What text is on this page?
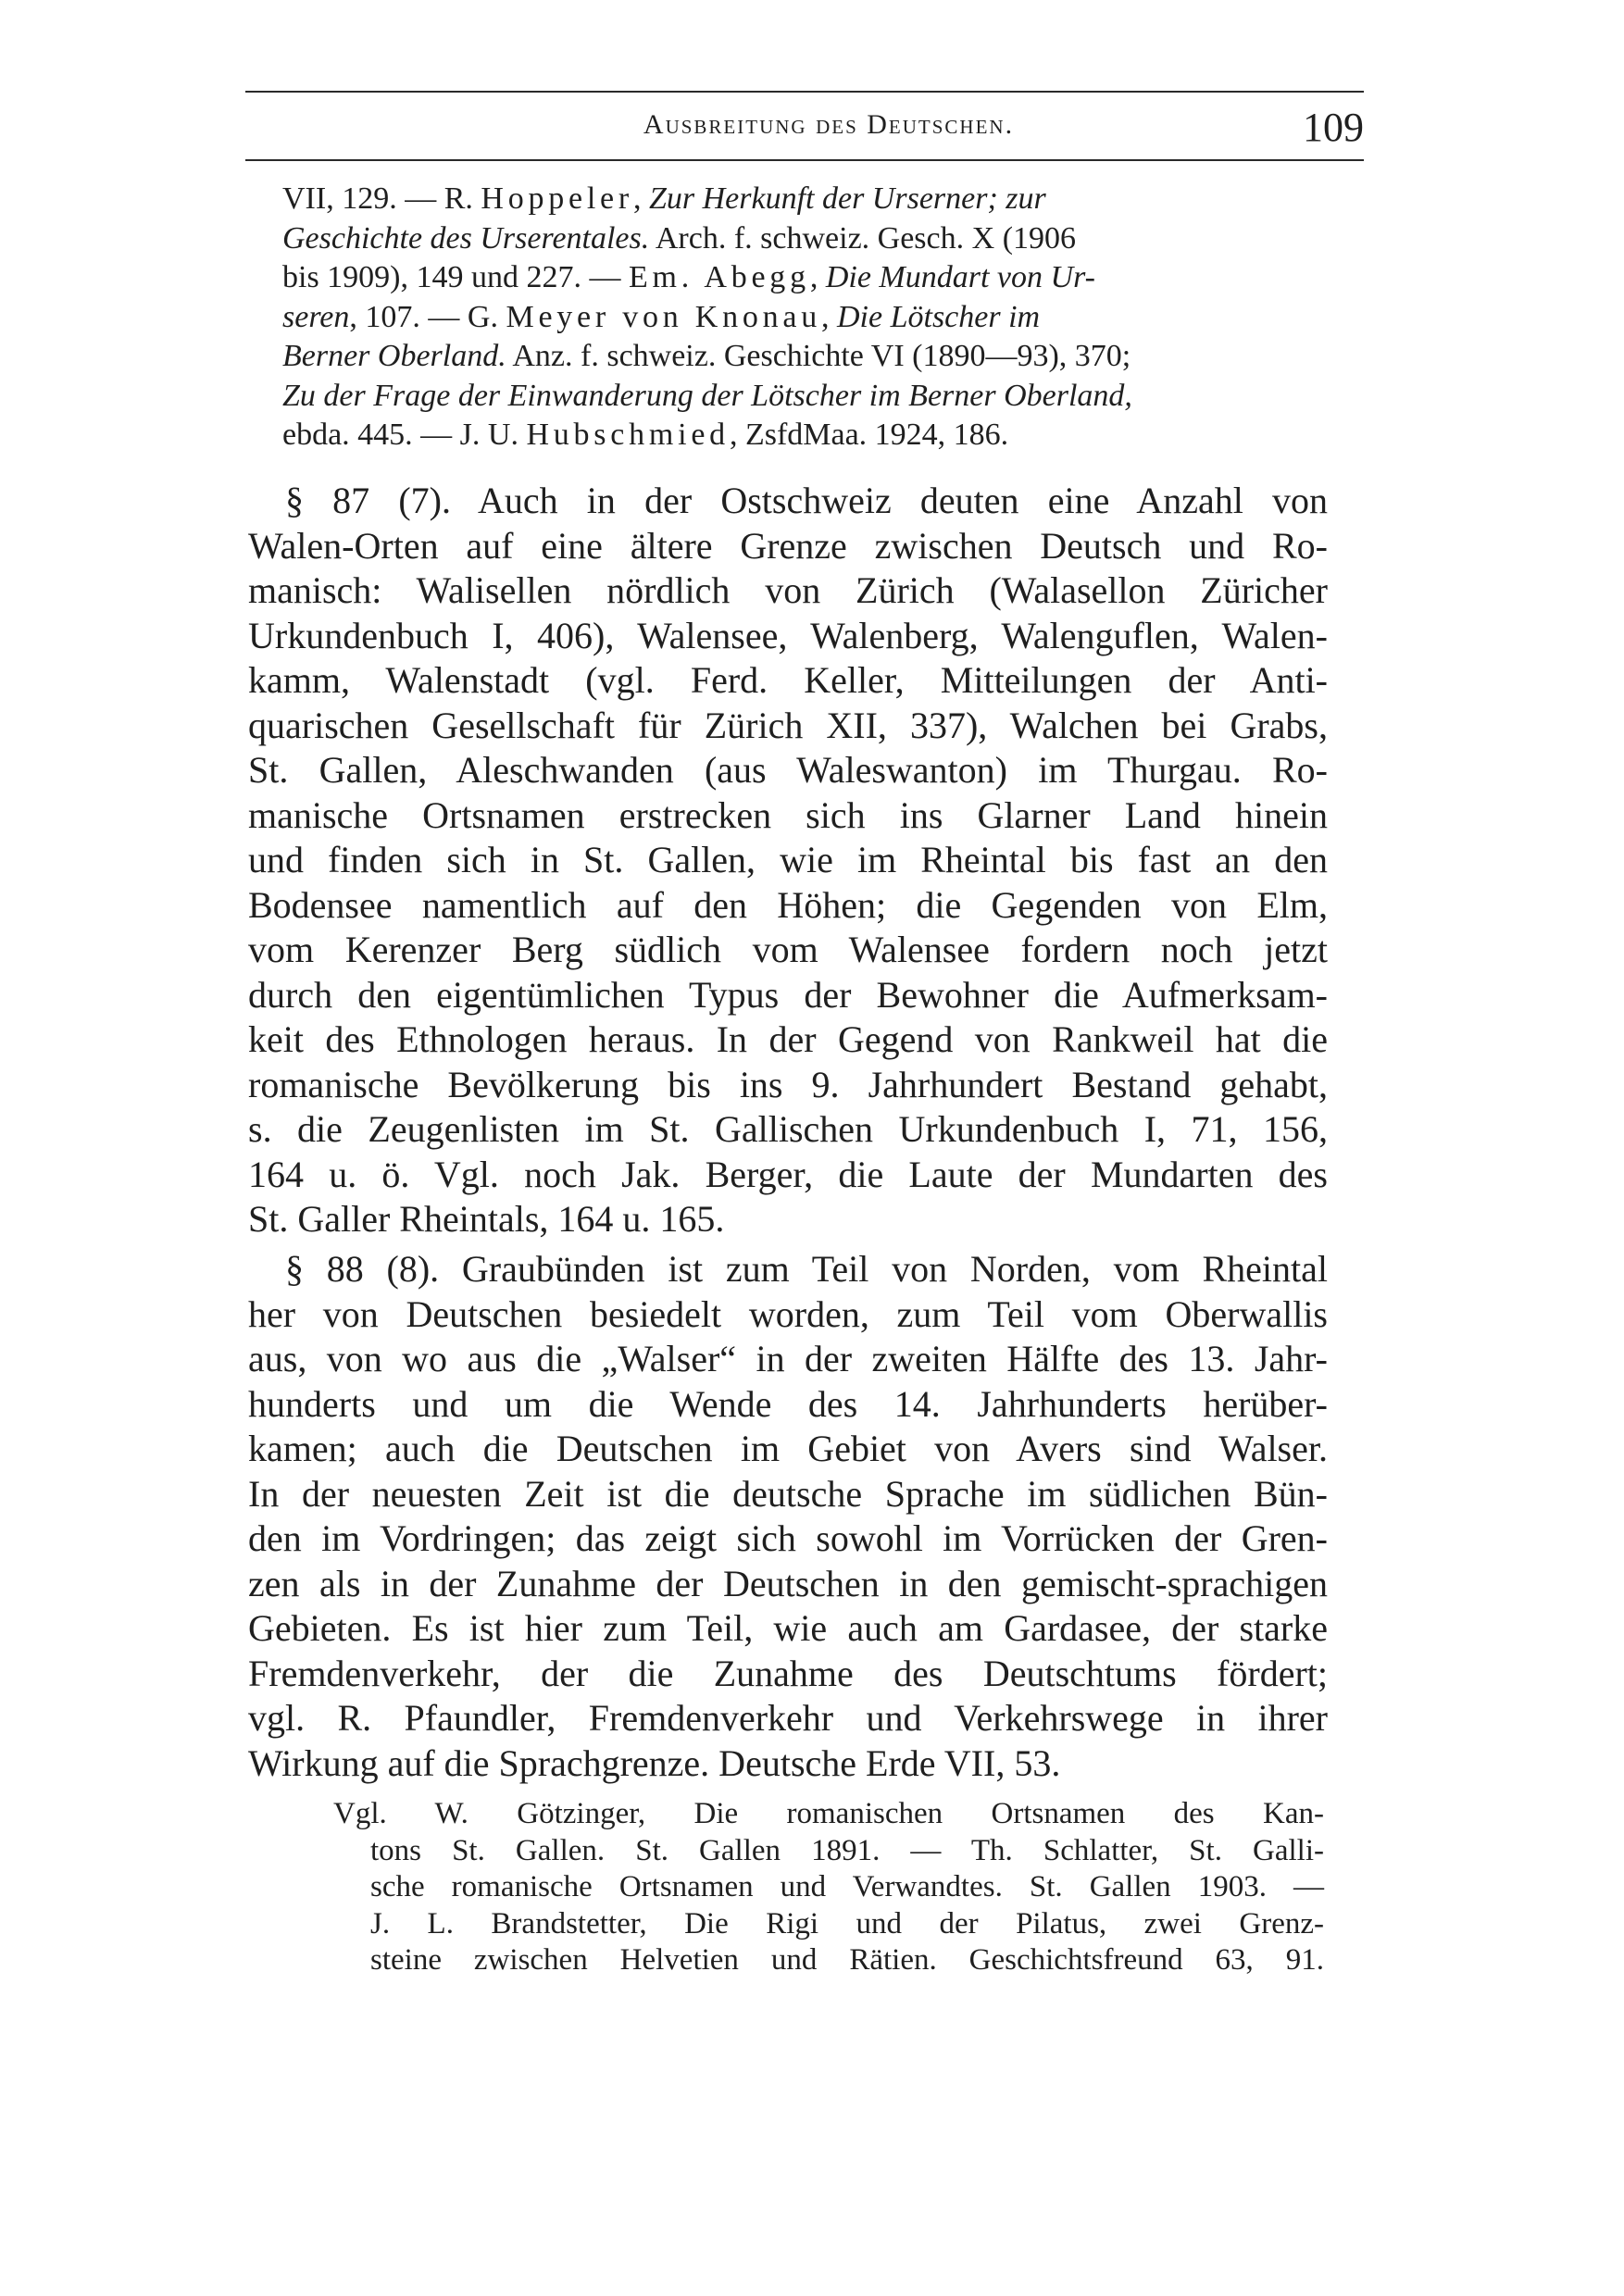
Ausbreitung des Deutschen.	109
VII, 129. — R. Hoppeler, Zur Herkunft der Urserner; zur
Geschichte des Urserentales. Arch. f. schweiz. Gesch. X (1906
bis 1909), 149 und 227. — Em. Abegg, Die Mundart von Ur-
seren, 107. — G. Meyer von Knonau, Die Lötscher im
Berner Oberland. Anz. f. schweiz. Geschichte VI (1890—93), 370;
Zu der Frage der Einwanderung der Lötscher im Berner Oberland,
ebda. 445. — J. U. Hubschmied, ZsfdMaa. 1924, 186.
§ 87 (7). Auch in der Ostschweiz deuten eine Anzahl von
Walen-Orten auf eine ältere Grenze zwischen Deutsch und Ro-
manisch: Walisellen nördlich von Zürich (Walasellon Züricher
Urkundenbuch I, 406), Walensee, Walenberg, Walenguflen, Walen-
kamm, Walenstadt (vgl. Ferd. Keller, Mitteilungen der Anti-
quarischen Gesellschaft für Zürich XII, 337), Walchen bei Grabs,
St. Gallen, Aleschwanden (aus Waleswanton) im Thurgau. Ro-
manische Ortsnamen erstrecken sich ins Glarner Land hinein
und finden sich in St. Gallen, wie im Rheintal bis fast an den
Bodensee namentlich auf den Höhen; die Gegenden von Elm,
vom Kerenzer Berg südlich vom Walensee fordern noch jetzt
durch den eigentümlichen Typus der Bewohner die Aufmerksam-
keit des Ethnologen heraus. In der Gegend von Rankweil hat die
romanische Bevölkerung bis ins 9. Jahrhundert Bestand gehabt,
s. die Zeugenlisten im St. Gallischen Urkundenbuch I, 71, 156,
164 u. ö. Vgl. noch Jak. Berger, die Laute der Mundarten des
St. Galler Rheintals, 164 u. 165.
§ 88 (8). Graubünden ist zum Teil von Norden, vom Rheintal
her von Deutschen besiedelt worden, zum Teil vom Oberwallis
aus, von wo aus die „Walser“ in der zweiten Hälfte des 13. Jahr-
hunderts und um die Wende des 14. Jahrhunderts herüber-
kamen; auch die Deutschen im Gebiet von Avers sind Walser.
In der neuesten Zeit ist die deutsche Sprache im südlichen Bün-
den im Vordringen; das zeigt sich sowohl im Vorrücken der Gren-
zen als in der Zunahme der Deutschen in den gemischt-sprachigen
Gebieten. Es ist hier zum Teil, wie auch am Gardasee, der starke
Fremdenverkehr, der die Zunahme des Deutschtums fördert;
vgl. R. Pfaundler, Fremdenverkehr und Verkehrswege in ihrer
Wirkung auf die Sprachgrenze. Deutsche Erde VII, 53.
Vgl. W. Götzinger, Die romanischen Ortsnamen des Kan-
tons St. Gallen. St. Gallen 1891. — Th. Schlatter, St. Galli-
sche romanische Ortsnamen und Verwandtes. St. Gallen 1903. —
J. L. Brandstetter, Die Rigi und der Pilatus, zwei Grenz-
steine zwischen Helvetien und Rätien. Geschichtsfreund 63, 91.
